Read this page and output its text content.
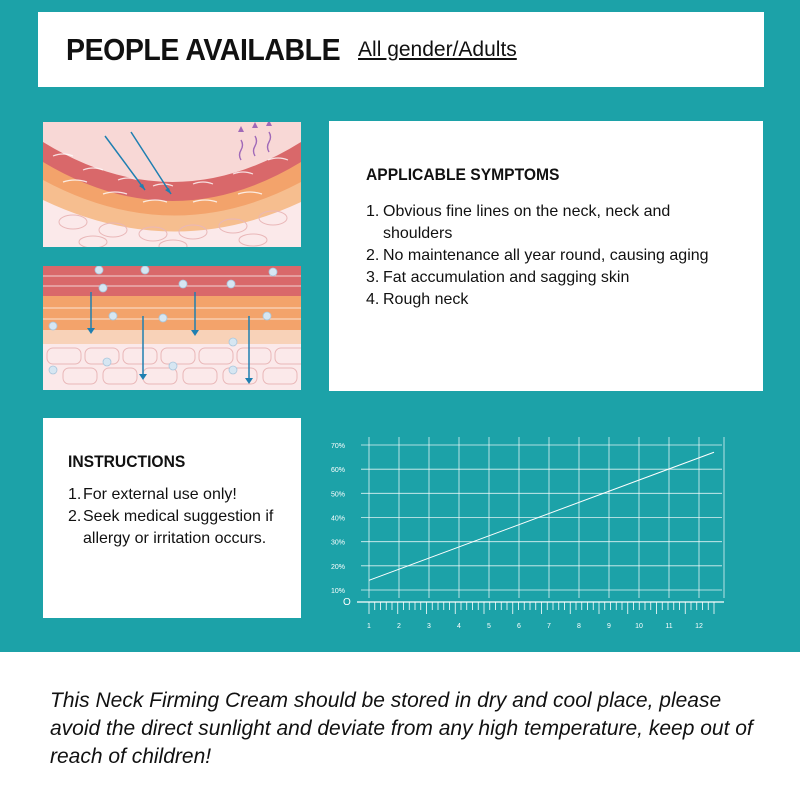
PEOPLE AVAILABLE All gender/Adults
APPLICABLE SYMPTOMS
1. Obvious fine lines on the neck, neck and shoulders
2. No maintenance all year round, causing aging
3. Fat accumulation and sagging skin
4. Rough neck
INSTRUCTIONS
1. For external use only!
2. Seek medical suggestion if allergy or irritation occurs.
10%
20%
30%
40%
50%
60%
70%
1	2	3	4	5	6	7	8	9	10	11	12
O
This Neck Firming Cream should be stored in dry and cool place, please avoid the direct sunlight and deviate from any high temperature, keep out of reach of children!
